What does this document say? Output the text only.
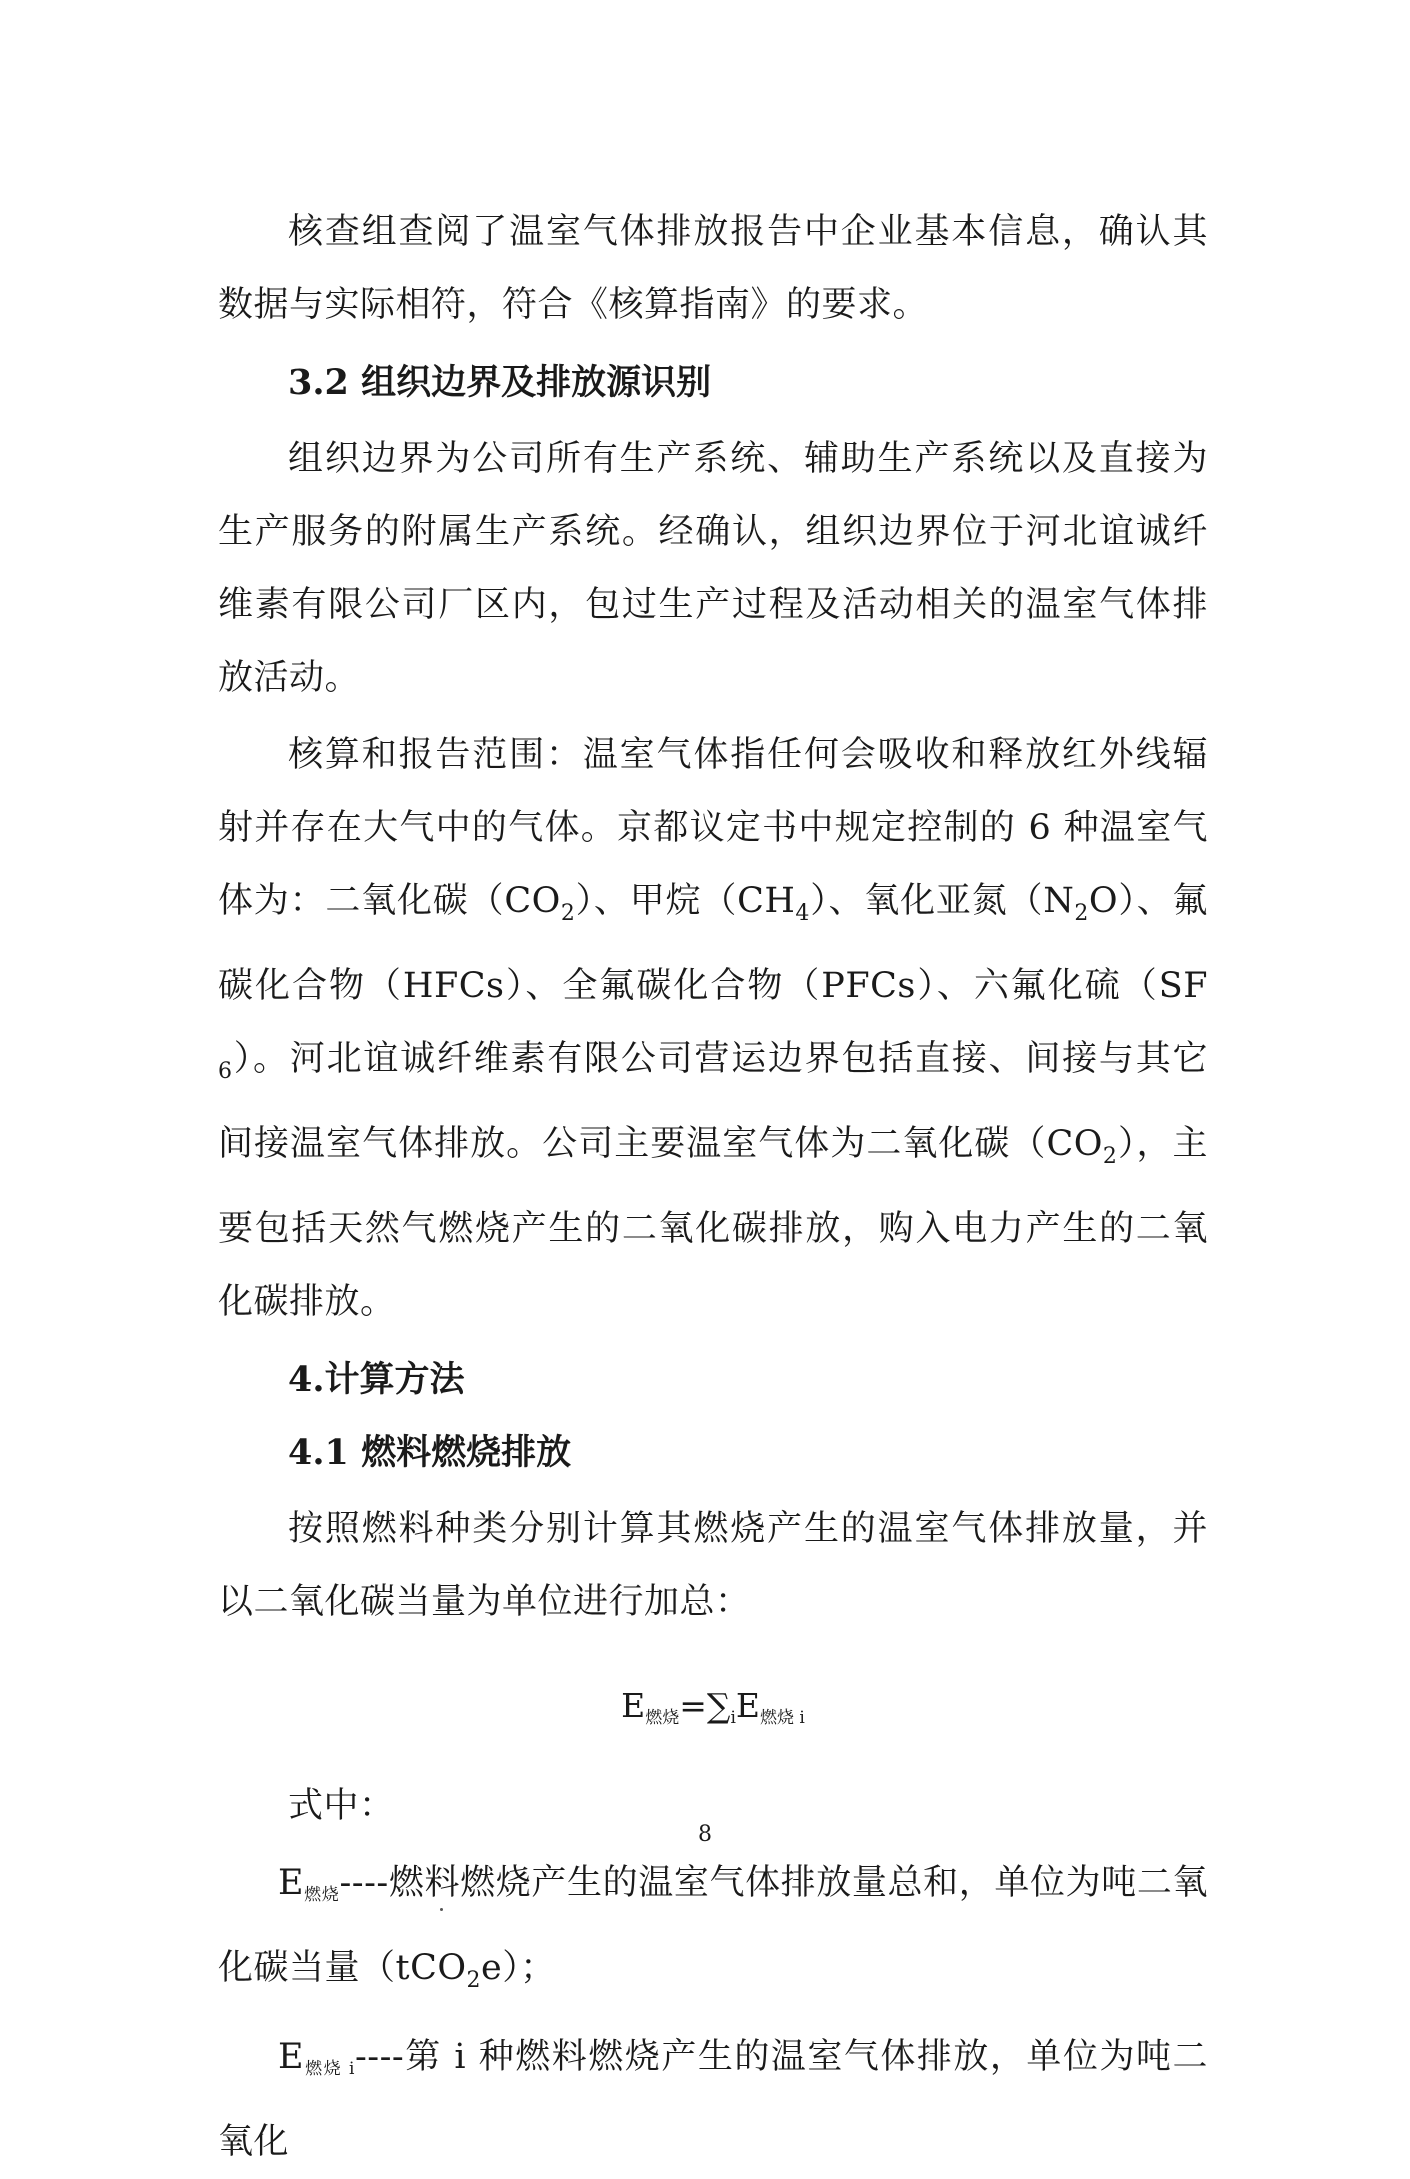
核查组查阅了温室气体排放报告中企业基本信息，确认其数据与实际相符，符合《核算指南》的要求。

3.2 组织边界及排放源识别

组织边界为公司所有生产系统、辅助生产系统以及直接为生产服务的附属生产系统。经确认，组织边界位于河北谊诚纤维素有限公司厂区内，包过生产过程及活动相关的温室气体排放活动。

核算和报告范围：温室气体指任何会吸收和释放红外线辐射并存在大气中的气体。京都议定书中规定控制的 6 种温室气体为：二氧化碳$(CO_2)$、甲烷$(CH_4)$、氧化亚氮$(N_2O)$、氟碳化合物（HFCs）、全氟碳化合物（PFCs）、六氟化硫$(SF_6)$。河北谊诚纤维素有限公司营运边界包括直接、间接与其它间接温室气体排放。公司主要温室气体为二氧化碳$(CO_2)$，主要包括天然气燃烧产生的二氧化碳排放，购入电力产生的二氧化碳排放。

4.计算方法

4.1 燃料燃烧排放

按照燃料种类分别计算其燃烧产生的温室气体排放量，并以二氧化碳当量为单位进行加总：

$E_{燃烧}=\sum_iE_{燃烧 i}$

式中：

$E_{燃烧}----$燃料燃烧产生的温室气体排放量总和，单位为吨二氧化碳当量（tCO$_2$e）；

$E_{燃烧 i}----$第 i 种燃料燃烧产生的温室气体排放，单位为吨二氧化

8
